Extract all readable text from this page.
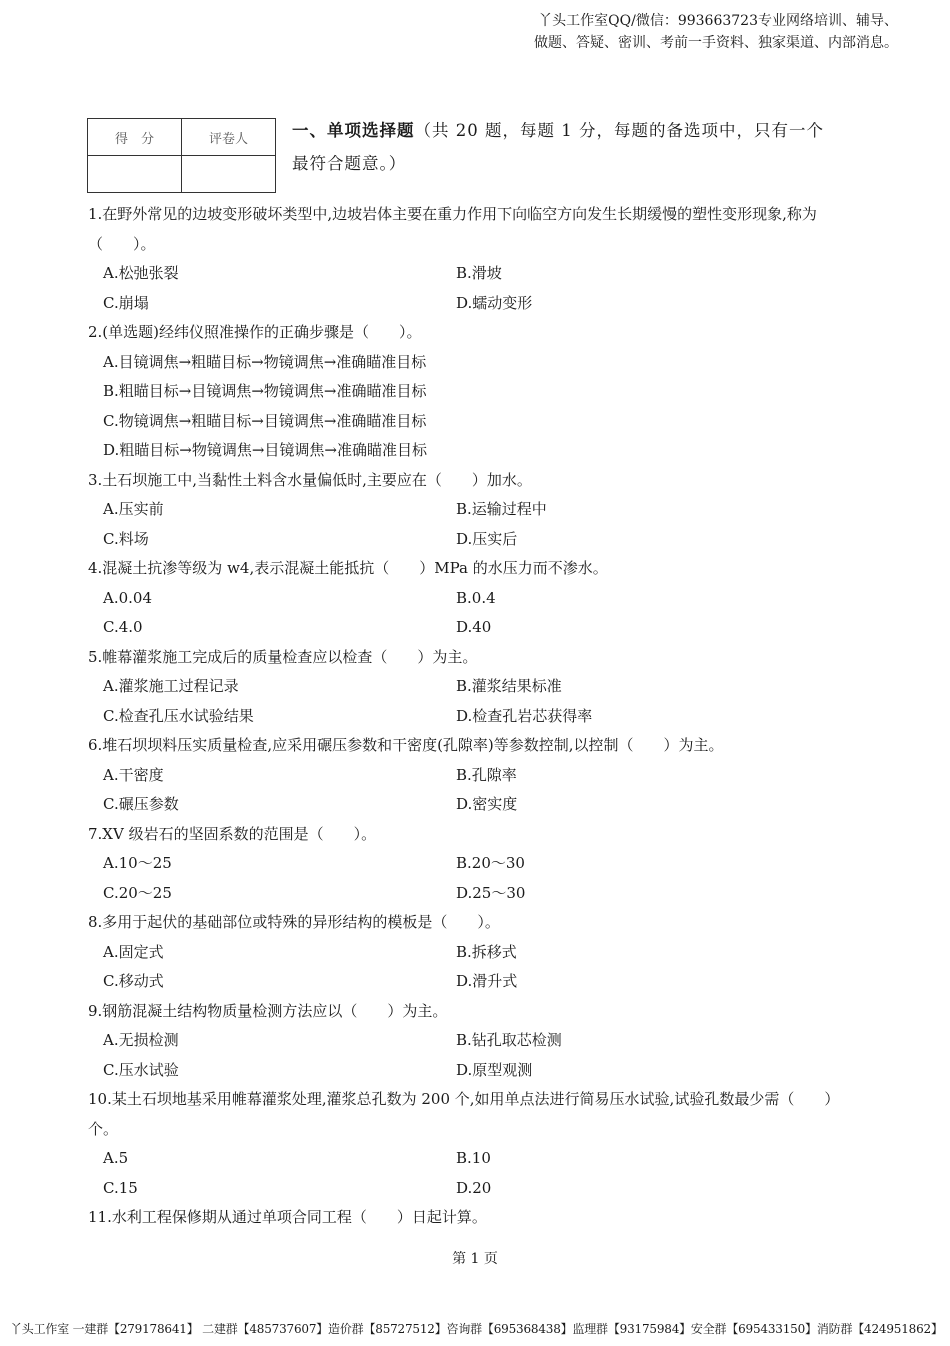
丫头工作室QQ/微信：993663723专业网络培训、辅导、
做题、答疑、密训、考前一手资料、独家渠道、内部消息。
得　分	评卷人
		一、单项选择题（共 20 题，每题 1 分，每题的备选项中，只有一个
最符合题意。）
1.在野外常见的边坡变形破坏类型中,边坡岩体主要在重力作用下向临空方向发生长期缓慢的塑性变形现象,称为（　　）。
A.松弛张裂	B.滑坡
C.崩塌	D.蠕动变形
2.(单选题)经纬仪照准操作的正确步骤是（　　）。
A.目镜调焦→粗瞄目标→物镜调焦→准确瞄准目标
B.粗瞄目标→目镜调焦→物镜调焦→准确瞄准目标
C.物镜调焦→粗瞄目标→目镜调焦→准确瞄准目标
D.粗瞄目标→物镜调焦→目镜调焦→准确瞄准目标
3.土石坝施工中,当黏性土料含水量偏低时,主要应在（　　）加水。
A.压实前	B.运输过程中
C.料场	D.压实后
4.混凝土抗渗等级为 w4,表示混凝土能抵抗（　　）MPa 的水压力而不渗水。
A.0.04	B.0.4
C.4.0	D.40
5.帷幕灌浆施工完成后的质量检查应以检查（　　）为主。
A.灌浆施工过程记录	B.灌浆结果标准
C.检查孔压水试验结果	D.检查孔岩芯获得率
6.堆石坝坝料压实质量检查,应采用碾压参数和干密度(孔隙率)等参数控制,以控制（　　）为主。
A.干密度	B.孔隙率
C.碾压参数	D.密实度
7.XV 级岩石的坚固系数的范围是（　　）。
A.10～25	B.20～30
C.20～25	D.25～30
8.多用于起伏的基础部位或特殊的异形结构的模板是（　　）。
A.固定式	B.拆移式
C.移动式	D.滑升式
9.钢筋混凝土结构物质量检测方法应以（　　）为主。
A.无损检测	B.钻孔取芯检测
C.压水试验	D.原型观测
10.某土石坝地基采用帷幕灌浆处理,灌浆总孔数为 200 个,如用单点法进行简易压水试验,试验孔数最少需（　　）个。
A.5	B.10
C.15	D.20
11.水利工程保修期从通过单项合同工程（　　）日起计算。
第 1 页
丫头工作室 一建群【279178641】 二建群【485737607】造价群【85727512】咨询群【695368438】监理群【93175984】安全群【695433150】消防群【424951862】
